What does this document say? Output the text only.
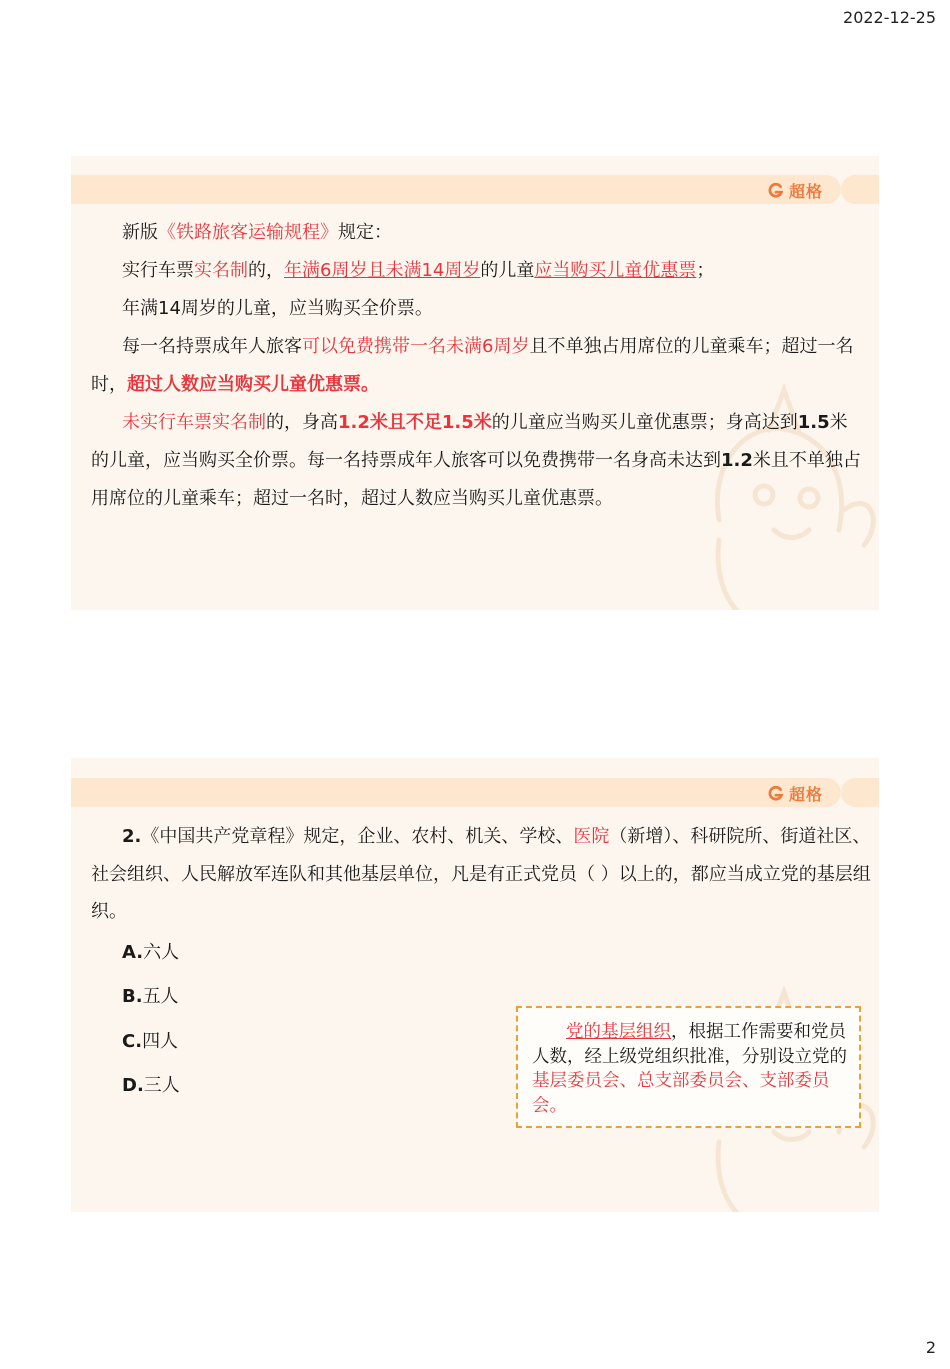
2022-12-25
超格

新版《铁路旅客运输规程》规定：

实行车票实名制的，年满6周岁且未满14周岁的儿童应当购买儿童优惠票；

年满14周岁的儿童，应当购买全价票。

每一名持票成年人旅客可以免费携带一名未满6周岁且不单独占用席位的儿童乘车；超过一名时，超过人数应当购买儿童优惠票。

未实行车票实名制的，身高1.2米且不足1.5米的儿童应当购买儿童优惠票；身高达到1.5米的儿童，应当购买全价票。每一名持票成年人旅客可以免费携带一名身高未达到1.2米且不单独占用席位的儿童乘车；超过一名时，超过人数应当购买儿童优惠票。

超格

2.《中国共产党章程》规定，企业、农村、机关、学校、医院（新增）、科研院所、街道社区、社会组织、人民解放军连队和其他基层单位，凡是有正式党员（ ）以上的，都应当成立党的基层组织。

A.六人

B.五人

C.四人

D.三人

党的基层组织，根据工作需要和党员人数，经上级党组织批准，分别设立党的基层委员会、总支部委员会、支部委员会。
2
